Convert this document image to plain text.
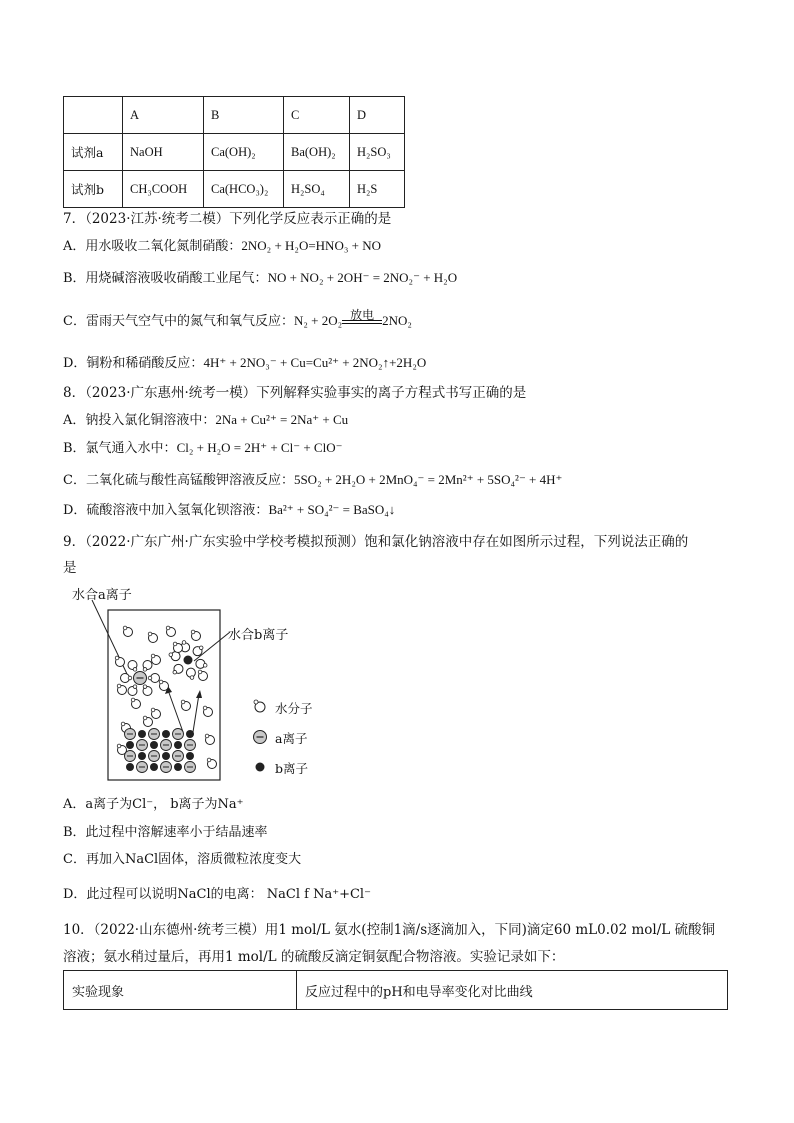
	A	B	C	D
试剂a	NaOH	Ca(OH)₂	Ba(OH)₂	H₂SO₃
试剂b	CH₃COOH	Ca(HCO₃)₂	H₂SO₄	H₂S
7．（2023·江苏·统考二模）下列化学反应表示正确的是
A．用水吸收二氧化氮制硝酸：2NO₂ + H₂O=HNO₃ + NO
B．用烧碱溶液吸收硝酸工业尾气：NO + NO₂ + 2OH⁻ = 2NO₂⁻ + H₂O
C．雷雨天气空气中的氮气和氧气反应：N₂ + 2O₂ 放电 2NO₂
D．铜粉和稀硝酸反应：4H⁺ + 2NO₃⁻ + Cu=Cu²⁺ + 2NO₂↑+2H₂O
8．（2023·广东惠州·统考一模）下列解释实验事实的离子方程式书写正确的是
A．钠投入氯化铜溶液中：2Na + Cu²⁺ = 2Na⁺ + Cu
B．氯气通入水中：Cl₂ + H₂O = 2H⁺ + Cl⁻ + ClO⁻
C．二氧化硫与酸性高锰酸钾溶液反应：5SO₂ + 2H₂O + 2MnO₄⁻ = 2Mn²⁺ + 5SO₄²⁻ + 4H⁺
D．硫酸溶液中加入氢氧化钡溶液：Ba²⁺ + SO₄²⁻ = BaSO₄↓
9．（2022·广东广州·广东实验中学校考模拟预测）饱和氯化钠溶液中存在如图所示过程，下列说法正确的
是
水合a离子
水合b离子
水分子
a离子
b离子
A．a离子为Cl⁻， b离子为Na⁺
B．此过程中溶解速率小于结晶速率
C．再加入NaCl固体，溶质微粒浓度变大
D．此过程可以说明NaCl的电离： NaCl f Na⁺+Cl⁻
10．（2022·山东德州·统考三模）用1 mol/L 氨水(控制1滴/s逐滴加入，下同)滴定60 mL0.02 mol/L 硫酸铜
溶液；氨水稍过量后，再用1 mol/L 的硫酸反滴定铜氨配合物溶液。实验记录如下：
实验现象	反应过程中的pH和电导率变化对比曲线
